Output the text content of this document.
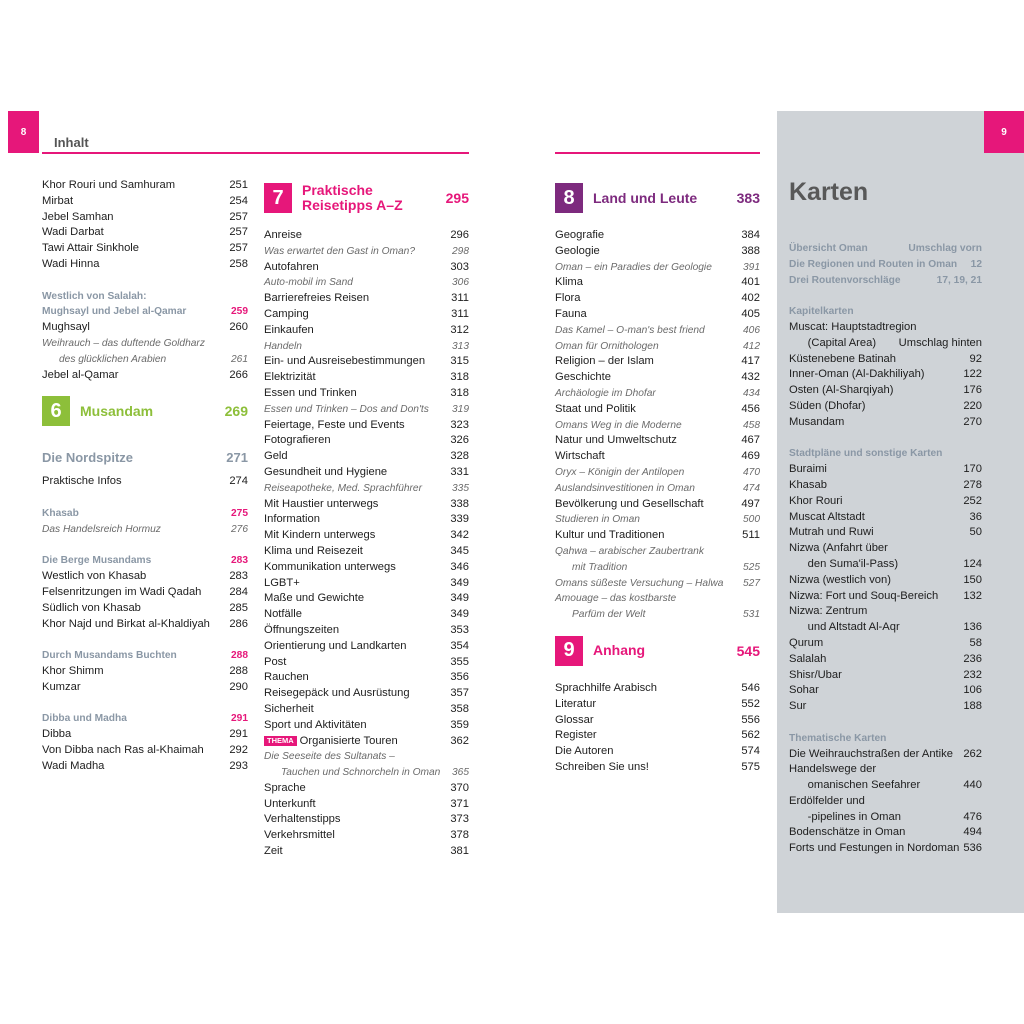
8
Inhalt
9
Karten
Khor Rouri und Samhuram	251
Mirbat	254
Jebel Samhan	257
Wadi Darbat	257
Tawi Attair Sinkhole	257
Wadi Hinna	258
Westlich von Salalah:
Mughsayl und Jebel al-Qamar	259
Mughsayl	260
Weihrauch – das duftende Goldharz
des glücklichen Arabien	261
Jebel al-Qamar	266
6	Musandam	269
Die Nordspitze	271
Praktische Infos	274
Khasab	275
Das Handelsreich Hormuz	276
Die Berge Musandams	283
Westlich von Khasab	283
Felsenritzungen im Wadi Qadah 284
Südlich von Khasab	285
Khor Najd und Birkat al-Khaldiyah 286
Durch Musandams Buchten	288
Khor Shimm	288
Kumzar	290
Dibba und Madha	291
Dibba	291
Von Dibba nach Ras al-Khaimah 292
Wadi Madha	293
7	Praktische
Reisetipps A–Z	295
Anreise	296
Was erwartet den Gast in Oman?	298
Autofahren	303
Auto-mobil im Sand	306
Barrierefreies Reisen	311
Camping	311
Einkaufen	312
Handeln	313
Ein- und Ausreisebestimmungen 315
Elektrizität	318
Essen und Trinken	318
Essen und Trinken – Dos and Don'ts 319
Feiertage, Feste und Events	323
Fotografieren	326
Geld	328
Gesundheit und Hygiene	331
Reiseapotheke, Med. Sprachführer	335
Mit Haustier unterwegs	338
Information	339
Mit Kindern unterwegs	342
Klima und Reisezeit	345
Kommunikation unterwegs	346
LGBT+	349
Maße und Gewichte	349
Notfälle	349
Öffnungszeiten	353
Orientierung und Landkarten	354
Post	355
Rauchen	356
Reisegepäck und Ausrüstung	357
Sicherheit	358
Sport und Aktivitäten	359
THEMA Organisierte Touren	362
Die Seeseite des Sultanats –
Tauchen und Schnorcheln in Oman 365
Sprache	370
Unterkunft	371
Verhaltenstipps	373
Verkehrsmittel	378
Zeit	381
8	Land und Leute	383
Geografie	384
Geologie	388
Oman – ein Paradies der Geologie	391
Klima	401
Flora	402
Fauna	405
Das Kamel – O-man's best friend	406
Oman für Ornithologen	412
Religion – der Islam	417
Geschichte	432
Archäologie im Dhofar	434
Staat und Politik	456
Omans Weg in die Moderne	458
Natur und Umweltschutz	467
Wirtschaft	469
Oryx – Königin der Antilopen	470
Auslandsinvestitionen in Oman	474
Bevölkerung und Gesellschaft	497
Studieren in Oman	500
Kultur und Traditionen	511
Qahwa – arabischer Zaubertrank
mit Tradition	525
Omans süßeste Versuchung – Halwa 527
Amouage – das kostbarste
Parfüm der Welt	531
9	Anhang	545
Sprachhilfe Arabisch	546
Literatur	552
Glossar	556
Register	562
Die Autoren	574
Schreiben Sie uns!	575
Übersicht Oman	Umschlag vorn
Die Regionen und Routen in Oman 12
Drei Routenvorschläge	17, 19, 21
Kapitelkarten
Muscat: Hauptstadtregion
(Capital Area) Umschlag hinten
Küstenebene Batinah	92
Inner-Oman (Al-Dakhiliyah)	122
Osten (Al-Sharqiyah)	176
Süden (Dhofar)	220
Musandam	270
Stadtpläne und sonstige Karten
Buraimi	170
Khasab	278
Khor Rouri	252
Muscat Altstadt	36
Mutrah und Ruwi	50
Nizwa (Anfahrt über
den Suma'il-Pass)	124
Nizwa (westlich von)	150
Nizwa: Fort und Souq-Bereich 132
Nizwa: Zentrum
und Altstadt Al-Aqr	136
Qurum	58
Salalah	236
Shisr/Ubar	232
Sohar	106
Sur	188
Thematische Karten
Die Weihrauchstraßen der Antike 262
Handelswege der
omanischen Seefahrer	440
Erdölfelder und
-pipelines in Oman	476
Bodenschätze in Oman	494
Forts und Festungen in Nordoman 536
